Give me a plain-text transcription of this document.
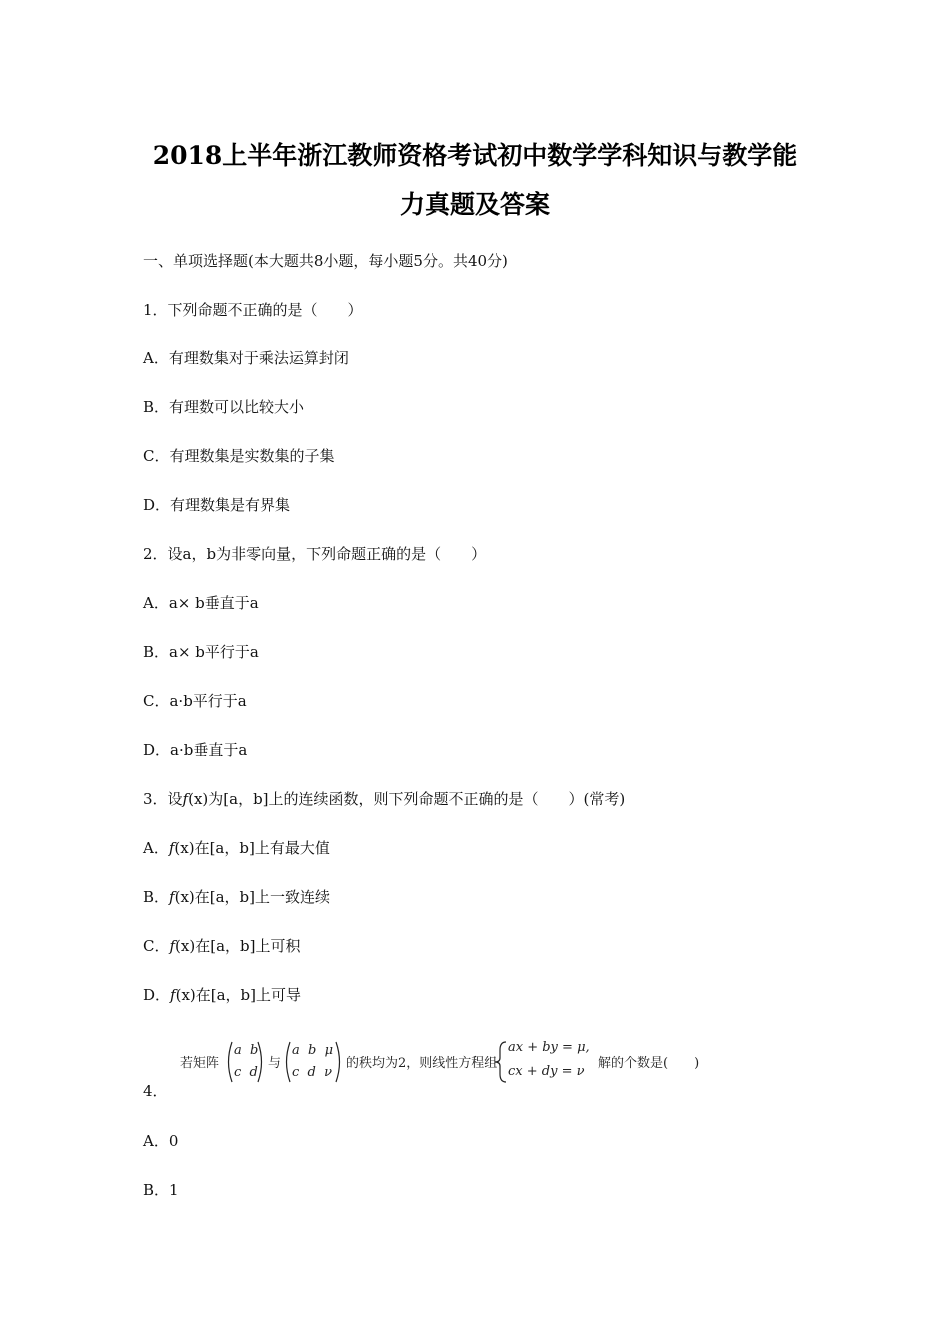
2018上半年浙江教师资格考试初中数学学科知识与教学能
力真题及答案
一、单项选择题(本大题共8小题，每小题5分。共40分)
1．下列命题不正确的是（　　）
A．有理数集对于乘法运算封闭
B．有理数可以比较大小
C．有理数集是实数集的子集
D．有理数集是有界集
2．设a，b为非零向量，下列命题正确的是（　　）
A．a× b垂直于a
B．a× b平行于a
C．a·b平行于a
D．a·b垂直于a
3．设f(x)为[a，b]上的连续函数，则下列命题不正确的是（　　）(常考)
A．f(x)在[a，b]上有最大值
B．f(x)在[a，b]上一致连续
C．f(x)在[a，b]上可积
D．f(x)在[a，b]上可导
若矩阵
a  b
c  d
与
a  b  μ
c  d  ν
的秩均为2，则线性方程组
ax + by = μ,
cx + dy = ν
解的个数是(　　)
4．
A．0
B．1
